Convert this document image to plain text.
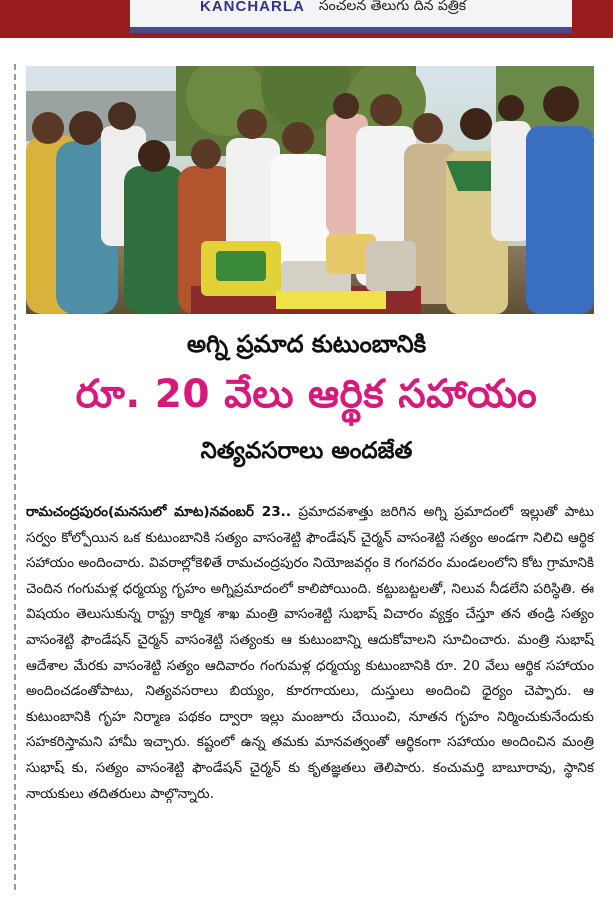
KANCHARLA సంచలన తెలుగు దిన పత్రిక
అగ్ని ప్రమాద కుటుంబానికి
రూ. 20 వేలు ఆర్థిక సహాయం
నిత్యవసరాలు అందజేత
రామచంద్రపురం(మనసులో మాట)నవంబర్ 23.. ప్రమాదవశాత్తు జరిగిన అగ్ని ప్రమాదంలో ఇల్లుతో పాటు సర్వం కోల్పోయిన ఒక కుటుంబానికి సత్యం వాసంశెట్టి ఫౌండేషన్ చైర్మన్ వాసంశెట్టి సత్యం అండగా నిలిచి ఆర్థిక సహాయం అందించారు. వివరాల్లోకెళితే రామచంద్రపురం నియోజవర్గం కె గంగవరం మండలంలోని కోట గ్రామానికి చెందిన గంగుమళ్ల ధర్మయ్య గృహం అగ్నిప్రమాదంలో కాలిపోయింది. కట్టుబట్టలతో, నిలువ నీడలేని పరిస్థితి. ఈ విషయం తెలుసుకున్న రాష్ట్ర కార్మిక శాఖ మంత్రి వాసంశెట్టి సుభాష్ విచారం వ్యక్తం చేస్తూ తన తండ్రి సత్యం వాసంశెట్టి ఫౌండేషన్ చైర్మన్ వాసంశెట్టి సత్యంకు ఆ కుటుంబాన్ని ఆదుకోవాలని సూచించారు. మంత్రి సుభాష్ ఆదేశాల మేరకు వాసంశెట్టి సత్యం ఆదివారం గంగుమళ్ల ధర్మయ్య కుటుంబానికి రూ. 20 వేలు ఆర్థిక సహాయం అందించడంతోపాటు, నిత్యవసరాలు బియ్యం, కూరగాయలు, దుస్తులు అందించి ధైర్యం చెప్పారు. ఆ కుటుంబానికి గృహ నిర్మాణ పథకం ద్వారా ఇల్లు మంజూరు చేయించి, నూతన గృహం నిర్మించుకునేందుకు సహకరిస్తామని హామీ ఇచ్చారు. కష్టంలో ఉన్న తమకు మానవత్వంతో ఆర్థికంగా సహాయం అందించిన మంత్రి సుభాష్ కు, సత్యం వాసంశెట్టి ఫౌండేషన్ చైర్మన్ కు కృతజ్ఞతలు తెలిపారు. కంచుమర్తి బాబూరావు, స్థానిక నాయకులు తదితరులు పాల్గొన్నారు.
